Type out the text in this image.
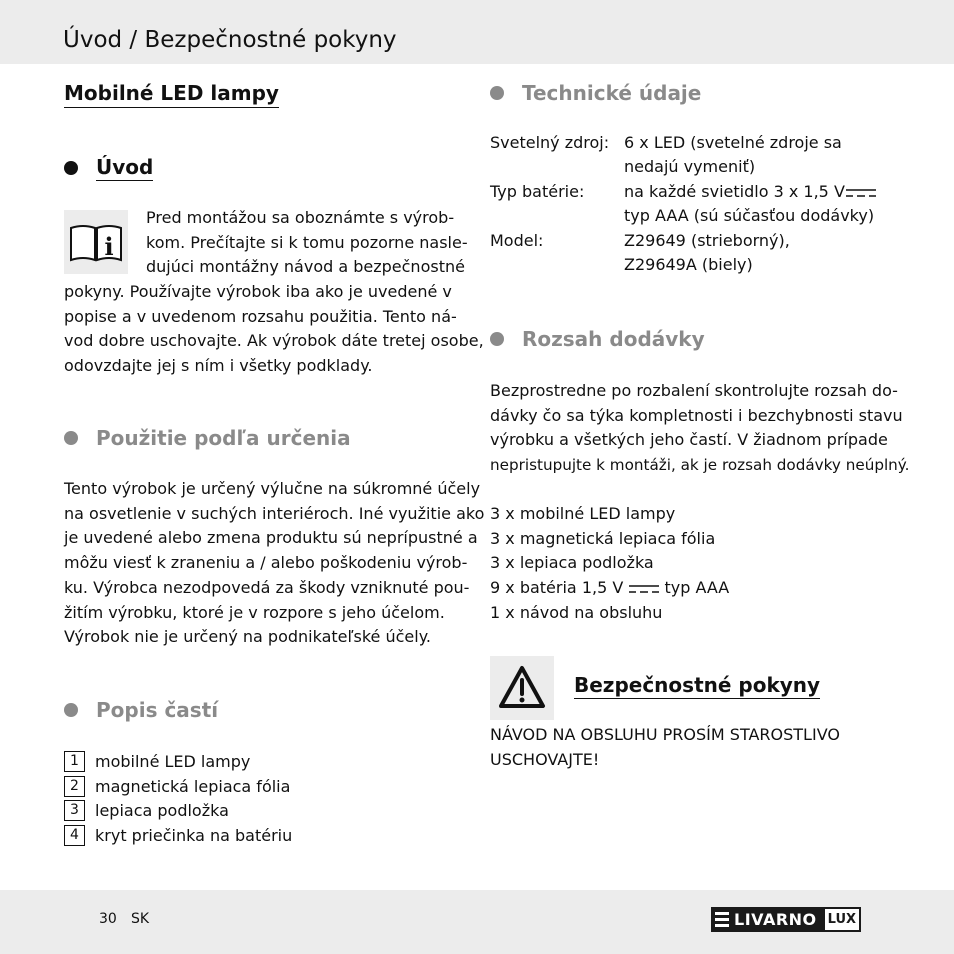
Úvod / Bezpečnostné pokyny
Mobilné LED lampy
Úvod
i
Pred montážou sa oboznámte s výrob-
kom. Prečítajte si k tomu pozorne nasle-
dujúci montážny návod a bezpečnostné
pokyny. Používajte výrobok iba ako je uvedené v
popise a v uvedenom rozsahu použitia. Tento ná-
vod dobre uschovajte. Ak výrobok dáte tretej osobe,
odovzdajte jej s ním i všetky podklady.
Použitie podľa určenia
Tento výrobok je určený výlučne na súkromné účely
na osvetlenie v suchých interiéroch. Iné využitie ako
je uvedené alebo zmena produktu sú neprípustné a
môžu viesť k zraneniu a / alebo poškodeniu výrob-
ku. Výrobca nezodpovedá za škody vzniknuté pou-
žitím výrobku, ktoré je v rozpore s jeho účelom.
Výrobok nie je určený na podnikateľské účely.
Popis častí
1	mobilné LED lampy
2	magnetická lepiaca fólia
3	lepiaca podložka
4	kryt priečinka na batériu
Technické údaje
Svetelný zdroj: 6 x LED (svetelné zdroje sa
nedajú vymeniť)
Typ batérie: na každé svietidlo 3 x 1,5 V
typ AAA (sú súčasťou dodávky)
Model:	Z29649 (strieborný),
Z29649A (biely)
Rozsah dodávky
Bezprostredne po rozbalení skontrolujte rozsah do-
dávky čo sa týka kompletnosti i bezchybnosti stavu
výrobku a všetkých jeho častí. V žiadnom prípade
nepristupujte k montáži, ak je rozsah dodávky neúplný.
3 x mobilné LED lampy
3 x magnetická lepiaca fólia
3 x lepiaca podložka
9 x batéria 1,5 V	typ AAA
1 x návod na obsluhu
Bezpečnostné pokyny
NÁVOD NA OBSLUHU PROSÍM STAROSTLIVO
USCHOVAJTE!
30 SK	LIVARNO LUX
